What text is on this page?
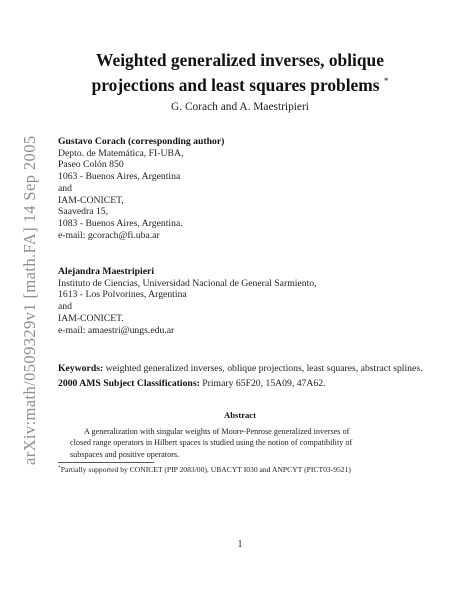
arXiv:math/0509329v1 [math.FA] 14 Sep 2005
Weighted generalized inverses, oblique
projections and least squares problems *
G. Corach and A. Maestripieri
Gustavo Corach (corresponding author)
Depto. de Matemática, FI-UBA,
Paseo Colón 850
1063 - Buenos Aires, Argentina
and
IAM-CONICET,
Saavedra 15,
1083 - Buenos Aires, Argentina.
e-mail: gcorach@fi.uba.ar
Alejandra Maestripieri
Instituto de Ciencias, Universidad Nacional de General Sarmiento,
1613 - Los Polvorines, Argentina
and
IAM-CONICET.
e-mail: amaestri@ungs.edu.ar
Keywords: weighted generalized inverses, oblique projections, least squares, abstract splines.
2000 AMS Subject Classifications: Primary 65F20, 15A09, 47A62.
Abstract
A generalization with singular weights of Moore-Penrose generalized inverses of
closed range operators in Hilbert spaces is studied using the notion of compatibility of
subspaces and positive operators.
*Partially supported by CONICET (PIP 2083/00), UBACYT I030 and ANPCYT (PICT03-9521)
1
